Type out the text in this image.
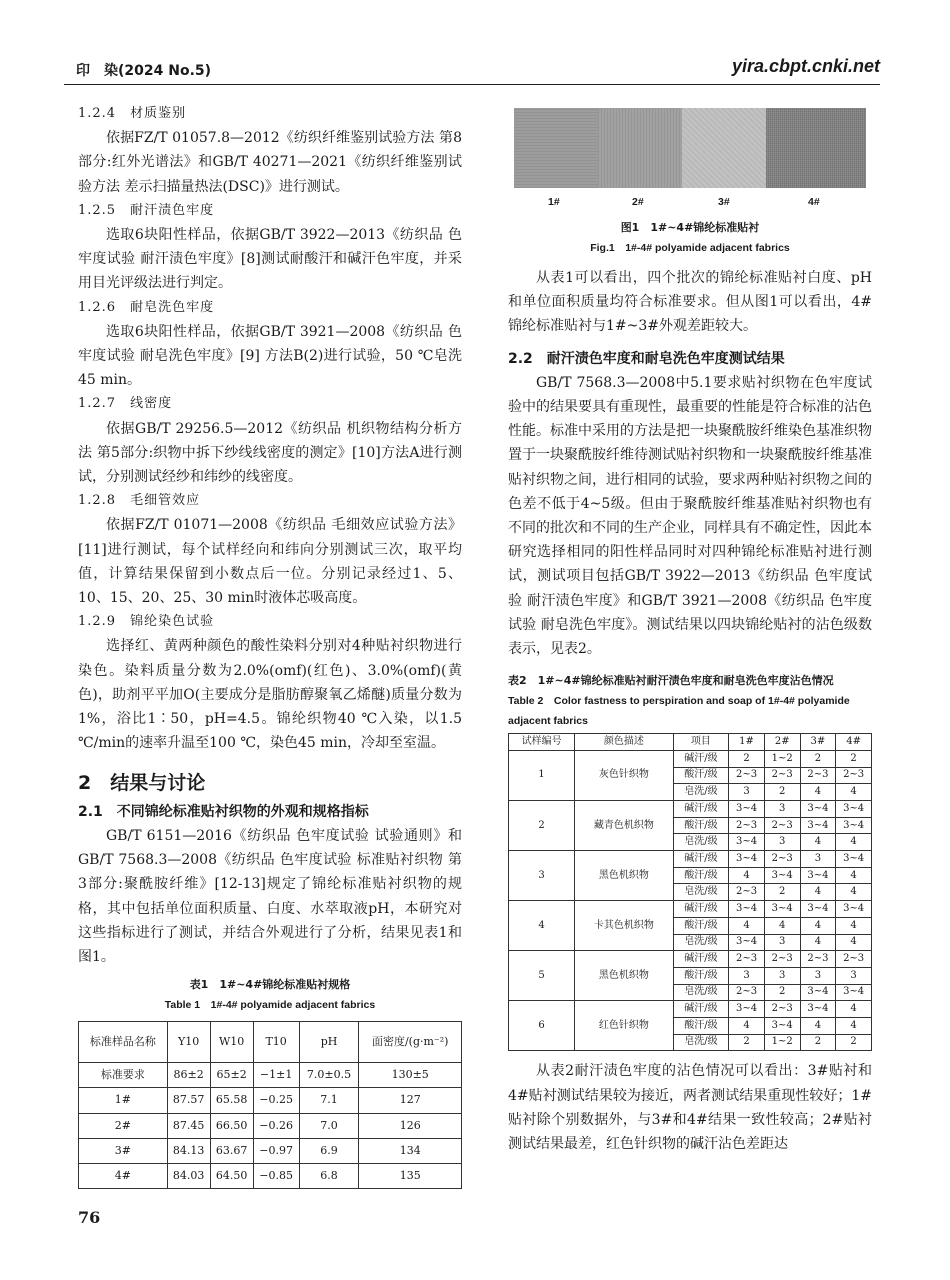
印　染(2024 No.5)	yira.cbpt.cnki.net

1.2.4　材质鉴别

依据FZ/T 01057.8—2012《纺织纤维鉴别试验方法 第8部分:红外光谱法》和GB/T 40271—2021《纺织纤维鉴别试验方法 差示扫描量热法(DSC)》进行测试。

1.2.5　耐汗渍色牢度

选取6块阳性样品，依据GB/T 3922—2013《纺织品 色牢度试验 耐汗渍色牢度》[8]测试耐酸汗和碱汗色牢度，并采用目光评级法进行判定。

1.2.6　耐皂洗色牢度

选取6块阳性样品，依据GB/T 3921—2008《纺织品 色牢度试验 耐皂洗色牢度》[9] 方法B(2)进行试验，50 ℃皂洗45 min。

1.2.7　线密度

依据GB/T 29256.5—2012《纺织品 机织物结构分析方法 第5部分:织物中拆下纱线线密度的测定》[10]方法A进行测试，分别测试经纱和纬纱的线密度。

1.2.8　毛细管效应

依据FZ/T 01071—2008《纺织品 毛细效应试验方法》[11]进行测试，每个试样经向和纬向分别测试三次，取平均值，计算结果保留到小数点后一位。分别记录经过1、5、10、15、20、25、30 min时液体芯吸高度。

1.2.9　锦纶染色试验

选择红、黄两种颜色的酸性染料分别对4种贴衬织物进行染色。染料质量分数为2.0%(omf)(红色)、3.0%(omf)(黄色)，助剂平平加O(主要成分是脂肪醇聚氧乙烯醚)质量分数为1%，浴比1∶50，pH=4.5。锦纶织物40 ℃入染，以1.5 ℃/min的速率升温至100 ℃，染色45 min，冷却至室温。

2　结果与讨论
2.1　不同锦纶标准贴衬织物的外观和规格指标

GB/T 6151—2016《纺织品 色牢度试验 试验通则》和GB/T 7568.3—2008《纺织品 色牢度试验 标准贴衬织物 第3部分:聚酰胺纤维》[12-13]规定了锦纶标准贴衬织物的规格，其中包括单位面积质量、白度、水萃取液pH，本研究对这些指标进行了测试，并结合外观进行了分析，结果见表1和图1。

表1　1#~4#锦纶标准贴衬规格

Table 1　1#-4# polyamide adjacent fabrics

标准样品名称	Y10	W10	T10	pH	面密度/(g·m⁻²)
标准要求	86±2	65±2	−1±1	7.0±0.5	130±5
1#	87.57	65.58	−0.25	7.1	127
2#	87.45	66.50	−0.26	7.0	126
3#	84.13	63.67	−0.97	6.9	134
4#	84.03	64.50	−0.85	6.8	135
1#	2#	3#	4#

图1　1#~4#锦纶标准贴衬

Fig.1　1#-4# polyamide adjacent fabrics

从表1可以看出，四个批次的锦纶标准贴衬白度、pH和单位面积质量均符合标准要求。但从图1可以看出，4#锦纶标准贴衬与1#~3#外观差距较大。

2.2　耐汗渍色牢度和耐皂洗色牢度测试结果

GB/T 7568.3—2008中5.1要求贴衬织物在色牢度试验中的结果要具有重现性，最重要的性能是符合标准的沾色性能。标准中采用的方法是把一块聚酰胺纤维染色基准织物置于一块聚酰胺纤维待测试贴衬织物和一块聚酰胺纤维基准贴衬织物之间，进行相同的试验，要求两种贴衬织物之间的色差不低于4~5级。但由于聚酰胺纤维基准贴衬织物也有不同的批次和不同的生产企业，同样具有不确定性，因此本研究选择相同的阳性样品同时对四种锦纶标准贴衬进行测试，测试项目包括GB/T 3922—2013《纺织品 色牢度试验 耐汗渍色牢度》和GB/T 3921—2008《纺织品 色牢度试验 耐皂洗色牢度》。测试结果以四块锦纶贴衬的沾色级数表示，见表2。

表2　1#~4#锦纶标准贴衬耐汗渍色牢度和耐皂洗色牢度沾色情况

Table 2　Color fastness to perspiration and soap of 1#-4# polyamide adjacent fabrics

试样编号	颜色描述	项目	1#	2#	3#	4#
1	灰色针织物	碱汗/级	2	1~2	2	2
		酸汗/级	2~3	2~3	2~3	2~3
		皂洗/级	3	2	4	4
2	藏青色机织物	碱汗/级	3~4	3	3~4	3~4
		酸汗/级	2~3	2~3	3~4	3~4
		皂洗/级	3~4	3	4	4
3	黑色机织物	碱汗/级	3~4	2~3	3	3~4
		酸汗/级	4	3~4	3~4	4
		皂洗/级	2~3	2	4	4
4	卡其色机织物	碱汗/级	3~4	3~4	3~4	3~4
		酸汗/级	4	4	4	4
		皂洗/级	3~4	3	4	4
5	黑色机织物	碱汗/级	2~3	2~3	2~3	2~3
		酸汗/级	3	3	3	3
		皂洗/级	2~3	2	3~4	3~4
6	红色针织物	碱汗/级	3~4	2~3	3~4	4
		酸汗/级	4	3~4	4	4
		皂洗/级	2	1~2	2	2

从表2耐汗渍色牢度的沾色情况可以看出：3#贴衬和4#贴衬测试结果较为接近，两者测试结果重现性较好；1#贴衬除个别数据外，与3#和4#结果一致性较高；2#贴衬测试结果最差，红色针织物的碱汗沾色差距达

76
